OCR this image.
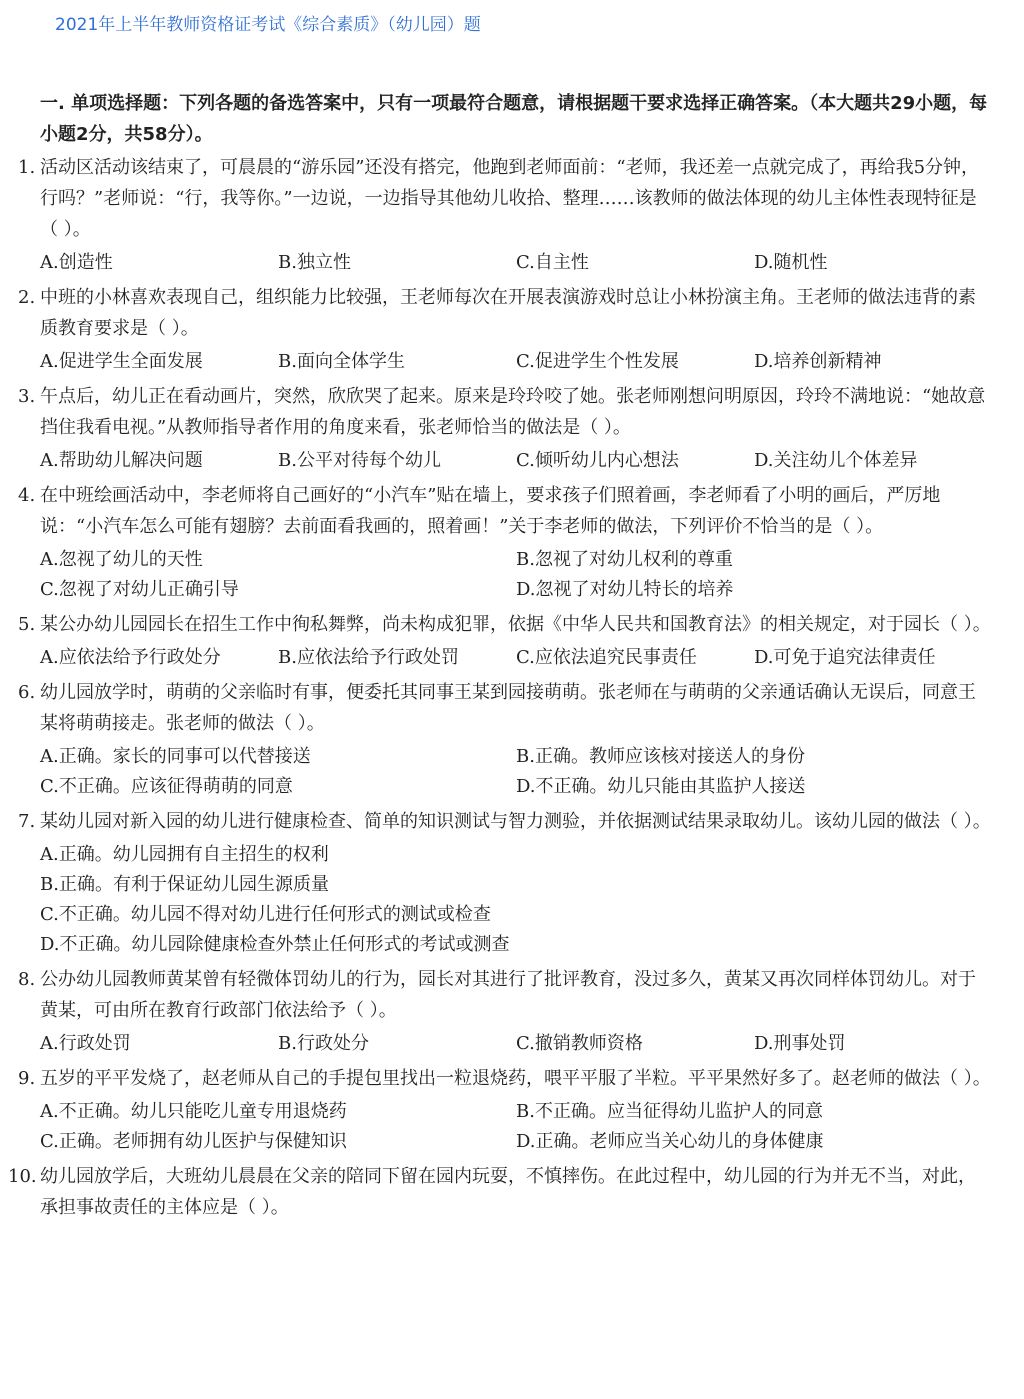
2021年上半年教师资格证考试《综合素质》（幼儿园）题
一. 单项选择题：下列各题的备选答案中，只有一项最符合题意，请根据题干要求选择正确答案。（本大题共29小题，每小题2分，共58分）。

1. 活动区活动该结束了，可晨晨的“游乐园”还没有搭完，他跑到老师面前：“老师，我还差一点就完成了，再给我5分钟，行吗？”老师说：“行，我等你。”一边说，一边指导其他幼儿收拾、整理……该教师的做法体现的幼儿主体性表现特征是（ ）。

A.创造性	B.独立性	C.自主性	D.随机性

2. 中班的小林喜欢表现自己，组织能力比较强，王老师每次在开展表演游戏时总让小林扮演主角。王老师的做法违背的素质教育要求是（ ）。

A.促进学生全面发展	B.面向全体学生	C.促进学生个性发展	D.培养创新精神

3. 午点后，幼儿正在看动画片，突然，欣欣哭了起来。原来是玲玲咬了她。张老师刚想问明原因，玲玲不满地说：“她故意挡住我看电视。”从教师指导者作用的角度来看，张老师恰当的做法是（ ）。

A.帮助幼儿解决问题	B.公平对待每个幼儿	C.倾听幼儿内心想法	D.关注幼儿个体差异

4. 在中班绘画活动中，李老师将自己画好的“小汽车”贴在墙上，要求孩子们照着画，李老师看了小明的画后，严厉地说：“小汽车怎么可能有翅膀？去前面看我画的，照着画！”关于李老师的做法，下列评价不恰当的是（ ）。

A.忽视了幼儿的天性	B.忽视了对幼儿权利的尊重
C.忽视了对幼儿正确引导	D.忽视了对幼儿特长的培养

5. 某公办幼儿园园长在招生工作中徇私舞弊，尚未构成犯罪，依据《中华人民共和国教育法》的相关规定，对于园长（ ）。

A.应依法给予行政处分	B.应依法给予行政处罚	C.应依法追究民事责任	D.可免于追究法律责任

6. 幼儿园放学时，萌萌的父亲临时有事，便委托其同事王某到园接萌萌。张老师在与萌萌的父亲通话确认无误后，同意王某将萌萌接走。张老师的做法（ ）。

A.正确。家长的同事可以代替接送	B.正确。教师应该核对接送人的身份
C.不正确。应该征得萌萌的同意	D.不正确。幼儿只能由其监护人接送

7. 某幼儿园对新入园的幼儿进行健康检查、简单的知识测试与智力测验，并依据测试结果录取幼儿。该幼儿园的做法（ ）。

A.正确。幼儿园拥有自主招生的权利
B.正确。有利于保证幼儿园生源质量
C.不正确。幼儿园不得对幼儿进行任何形式的测试或检查
D.不正确。幼儿园除健康检查外禁止任何形式的考试或测查

8. 公办幼儿园教师黄某曾有轻微体罚幼儿的行为，园长对其进行了批评教育，没过多久，黄某又再次同样体罚幼儿。对于黄某，可由所在教育行政部门依法给予（ ）。

A.行政处罚	B.行政处分	C.撤销教师资格	D.刑事处罚

9. 五岁的平平发烧了，赵老师从自己的手提包里找出一粒退烧药，喂平平服了半粒。平平果然好多了。赵老师的做法（ ）。

A.不正确。幼儿只能吃儿童专用退烧药	B.不正确。应当征得幼儿监护人的同意
C.正确。老师拥有幼儿医护与保健知识	D.正确。老师应当关心幼儿的身体健康

10. 幼儿园放学后，大班幼儿晨晨在父亲的陪同下留在园内玩耍，不慎摔伤。在此过程中，幼儿园的行为并无不当，对此，承担事故责任的主体应是（ ）。
